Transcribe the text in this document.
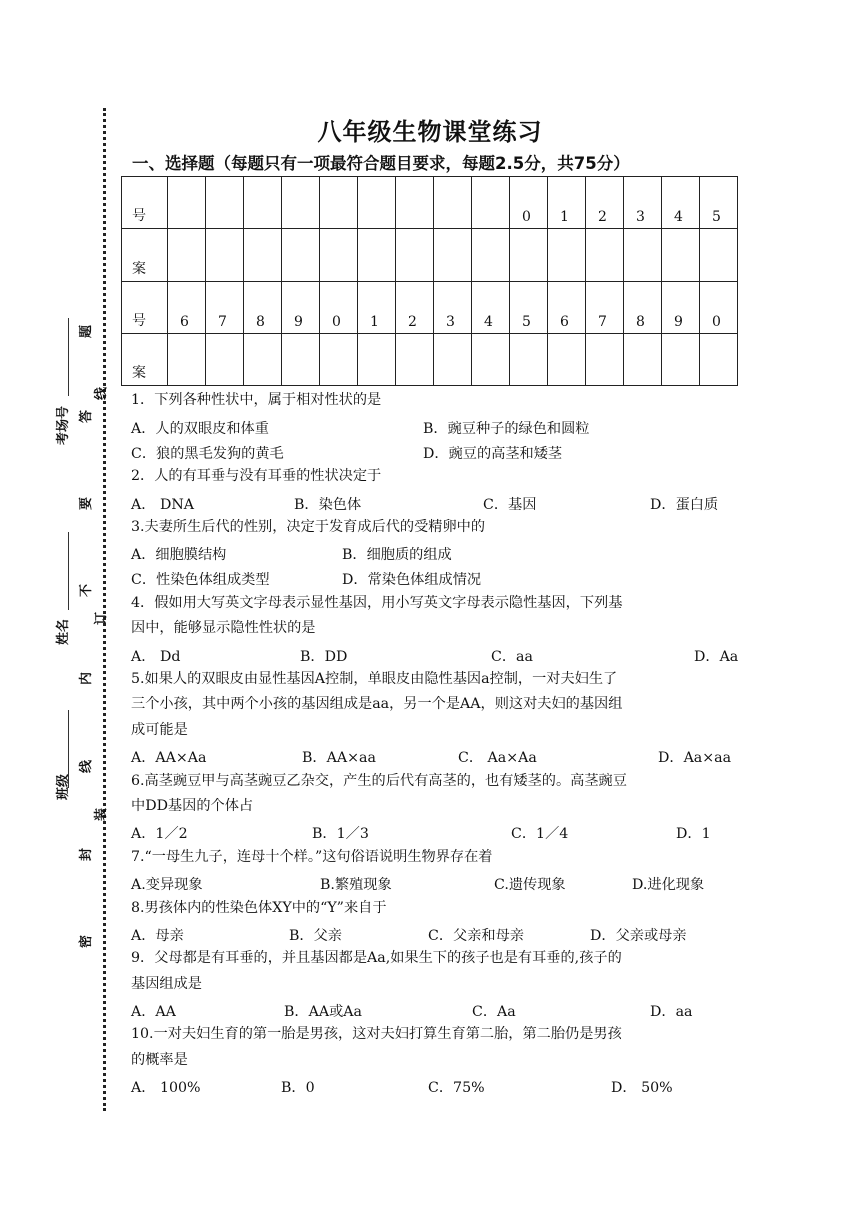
考场号
姓名
班级
题
答
要
不
内
线
封
密
线
订
装
八年级生物课堂练习
一、选择题（每题只有一项最符合题目要求，每题2.5分，共75分）
号										0	1	2	3	4	5
案															
号	6	7	8	9	0	1	2	3	4	5	6	7	8	9	0
案															
1．下列各种性状中，属于相对性状的是
A．人的双眼皮和体重	B．豌豆种子的绿色和圆粒
C．狼的黑毛发狗的黄毛	D．豌豆的高茎和矮茎
2．人的有耳垂与没有耳垂的性状决定于
A． DNA	B．染色体	C．基因	D．蛋白质
3.夫妻所生后代的性别，决定于发育成后代的受精卵中的
A．细胞膜结构	B．细胞质的组成
C．性染色体组成类型	D．常染色体组成情况
4．假如用大写英文字母表示显性基因，用小写英文字母表示隐性基因，下列基
因中，能够显示隐性性状的是
A． Dd	B．DD	C．aa	D．Aa
5.如果人的双眼皮由显性基因A控制，单眼皮由隐性基因a控制，一对夫妇生了
三个小孩，其中两个小孩的基因组成是aa，另一个是AA，则这对夫妇的基因组
成可能是
A．AA×Aa	B．AA×aa	C． Aa×Aa	D．Aa×aa
6.高茎豌豆甲与高茎豌豆乙杂交，产生的后代有高茎的，也有矮茎的。高茎豌豆
中DD基因的个体占
A．1／2	B．1／3	C．1／4	D．1
7.“一母生九子，连母十个样。”这句俗语说明生物界存在着
A.变异现象	B.繁殖现象	C.遗传现象	D.进化现象
8.男孩体内的性染色体XY中的“Y”来自于
A．母亲	B．父亲	C．父亲和母亲	D．父亲或母亲
9．父母都是有耳垂的，并且基因都是Aa,如果生下的孩子也是有耳垂的,孩子的
基因组成是
A．AA	B．AA或Aa	C．Aa	D．aa
10.一对夫妇生育的第一胎是男孩，这对夫妇打算生育第二胎，第二胎仍是男孩
的概率是
A． 100%	B．0	C．75%	D． 50%
